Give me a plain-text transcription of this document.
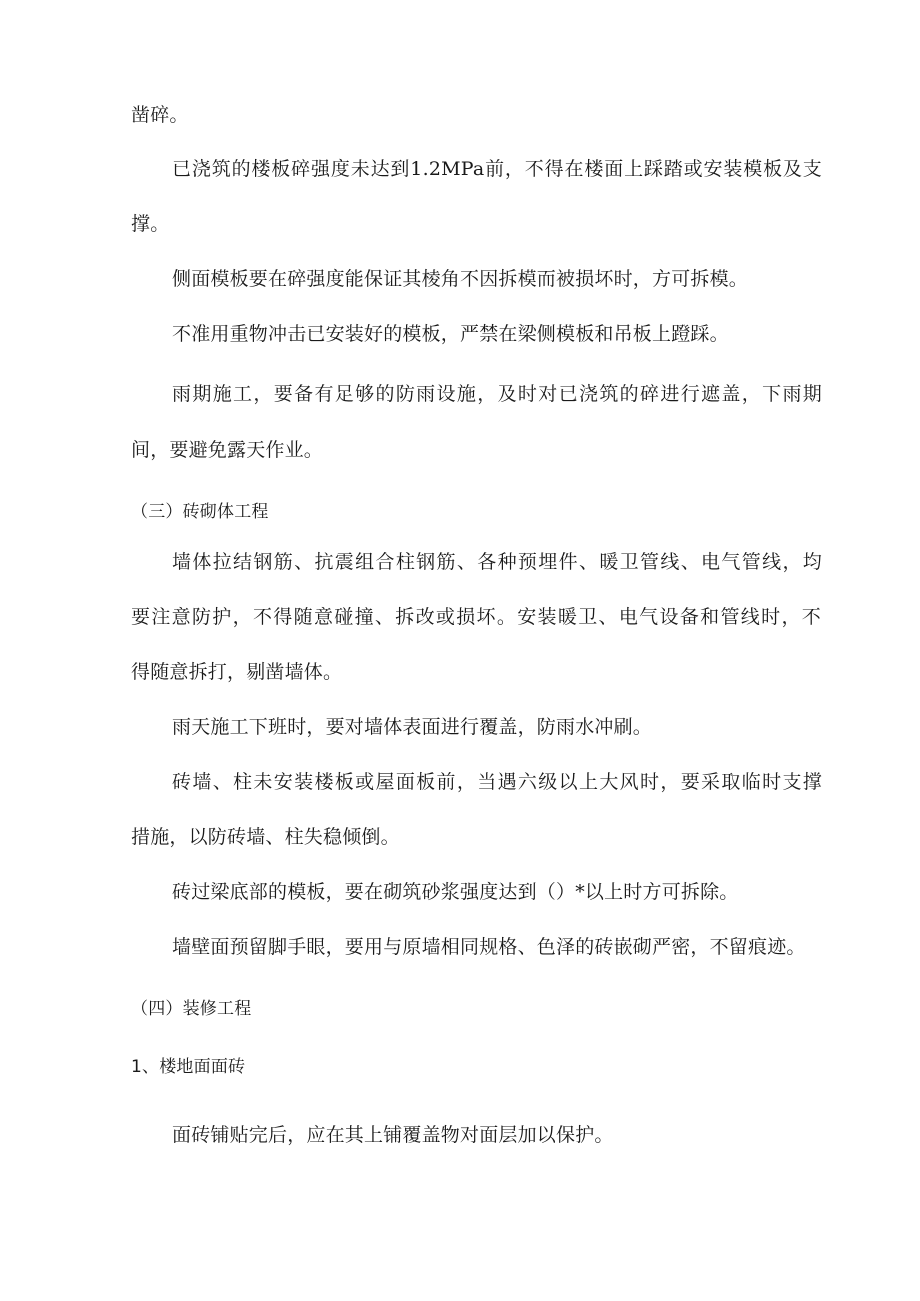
凿碎。
已浇筑的楼板碎强度未达到1.2MPa前，不得在楼面上踩踏或安装模板及支
撑。
侧面模板要在碎强度能保证其棱角不因拆模而被损坏时，方可拆模。
不准用重物冲击已安装好的模板，严禁在梁侧模板和吊板上蹬踩。
雨期施工，要备有足够的防雨设施，及时对已浇筑的碎进行遮盖，下雨期
间，要避免露天作业。
（三）砖砌体工程
墙体拉结钢筋、抗震组合柱钢筋、各种预埋件、暖卫管线、电气管线，均
要注意防护，不得随意碰撞、拆改或损坏。安装暖卫、电气设备和管线时，不
得随意拆打，剔凿墙体。
雨天施工下班时，要对墙体表面进行覆盖，防雨水冲刷。
砖墙、柱未安装楼板或屋面板前，当遇六级以上大风时，要采取临时支撑
措施，以防砖墙、柱失稳倾倒。
砖过梁底部的模板，要在砌筑砂浆强度达到（）*以上时方可拆除。
墙壁面预留脚手眼，要用与原墙相同规格、色泽的砖嵌砌严密，不留痕迹。
（四）装修工程
1、楼地面面砖
面砖铺贴完后，应在其上铺覆盖物对面层加以保护。
